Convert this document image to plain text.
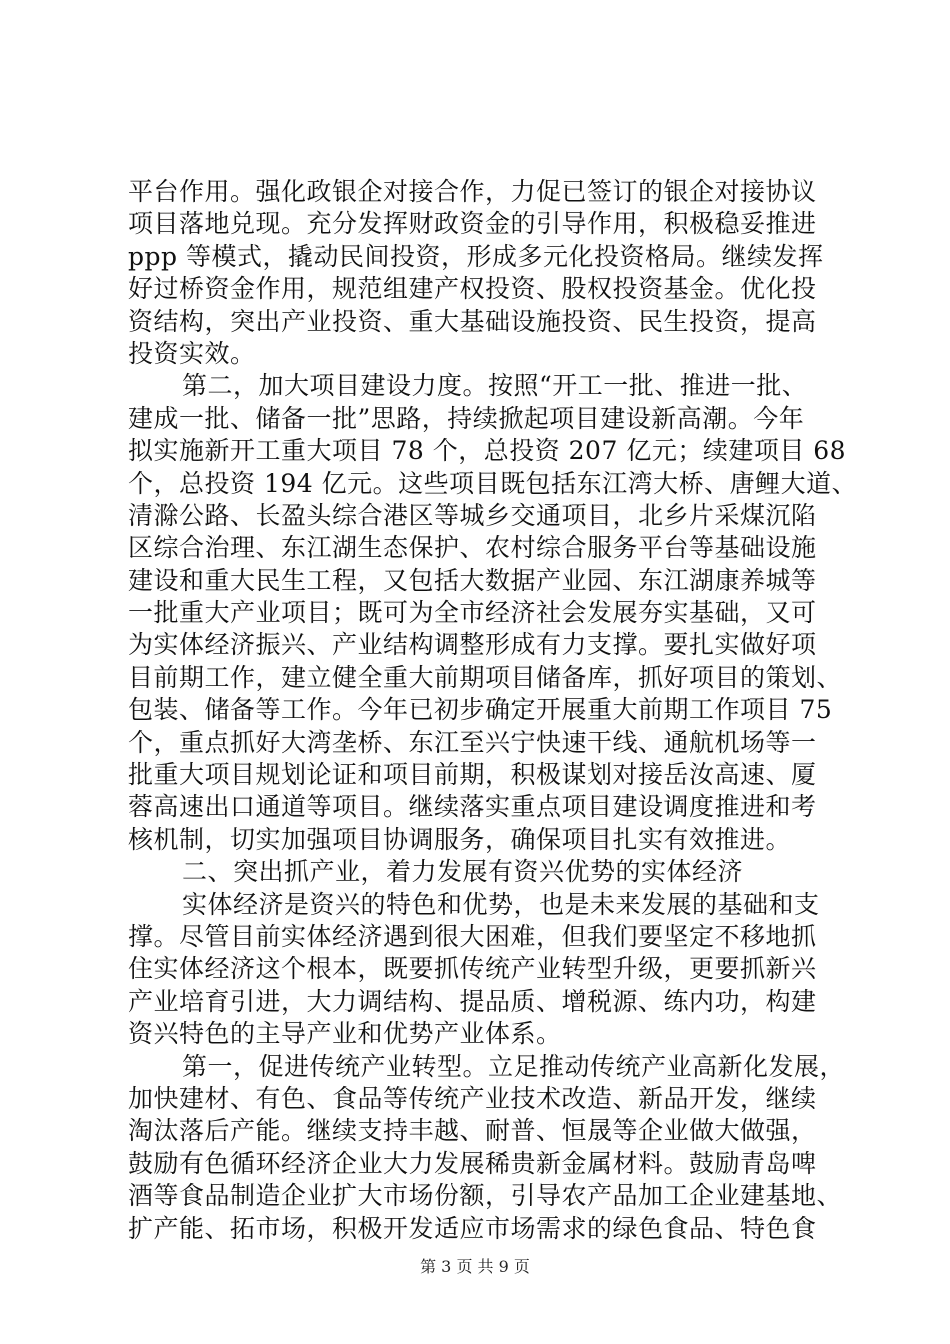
平台作用。强化政银企对接合作，力促已签订的银企对接协议
项目落地兑现。充分发挥财政资金的引导作用，积极稳妥推进
ppp 等模式，撬动民间投资，形成多元化投资格局。继续发挥
好过桥资金作用，规范组建产权投资、股权投资基金。优化投
资结构，突出产业投资、重大基础设施投资、民生投资，提高
投资实效。
第二，加大项目建设力度。按照“开工一批、推进一批、
建成一批、储备一批”思路，持续掀起项目建设新高潮。今年
拟实施新开工重大项目 78 个，总投资 207 亿元；续建项目 68
个，总投资 194 亿元。这些项目既包括东江湾大桥、唐鲤大道、
清滁公路、长盈头综合港区等城乡交通项目，北乡片采煤沉陷
区综合治理、东江湖生态保护、农村综合服务平台等基础设施
建设和重大民生工程，又包括大数据产业园、东江湖康养城等
一批重大产业项目；既可为全市经济社会发展夯实基础，又可
为实体经济振兴、产业结构调整形成有力支撑。要扎实做好项
目前期工作，建立健全重大前期项目储备库，抓好项目的策划、
包装、储备等工作。今年已初步确定开展重大前期工作项目 75
个，重点抓好大湾垄桥、东江至兴宁快速干线、通航机场等一
批重大项目规划论证和项目前期，积极谋划对接岳汝高速、厦
蓉高速出口通道等项目。继续落实重点项目建设调度推进和考
核机制，切实加强项目协调服务，确保项目扎实有效推进。
二、突出抓产业，着力发展有资兴优势的实体经济
实体经济是资兴的特色和优势，也是未来发展的基础和支
撑。尽管目前实体经济遇到很大困难，但我们要坚定不移地抓
住实体经济这个根本，既要抓传统产业转型升级，更要抓新兴
产业培育引进，大力调结构、提品质、增税源、练内功，构建
资兴特色的主导产业和优势产业体系。
第一，促进传统产业转型。立足推动传统产业高新化发展，
加快建材、有色、食品等传统产业技术改造、新品开发，继续
淘汰落后产能。继续支持丰越、耐普、恒晟等企业做大做强，
鼓励有色循环经济企业大力发展稀贵新金属材料。鼓励青岛啤
酒等食品制造企业扩大市场份额，引导农产品加工企业建基地、
扩产能、拓市场，积极开发适应市场需求的绿色食品、特色食
第 3 页 共 9 页
